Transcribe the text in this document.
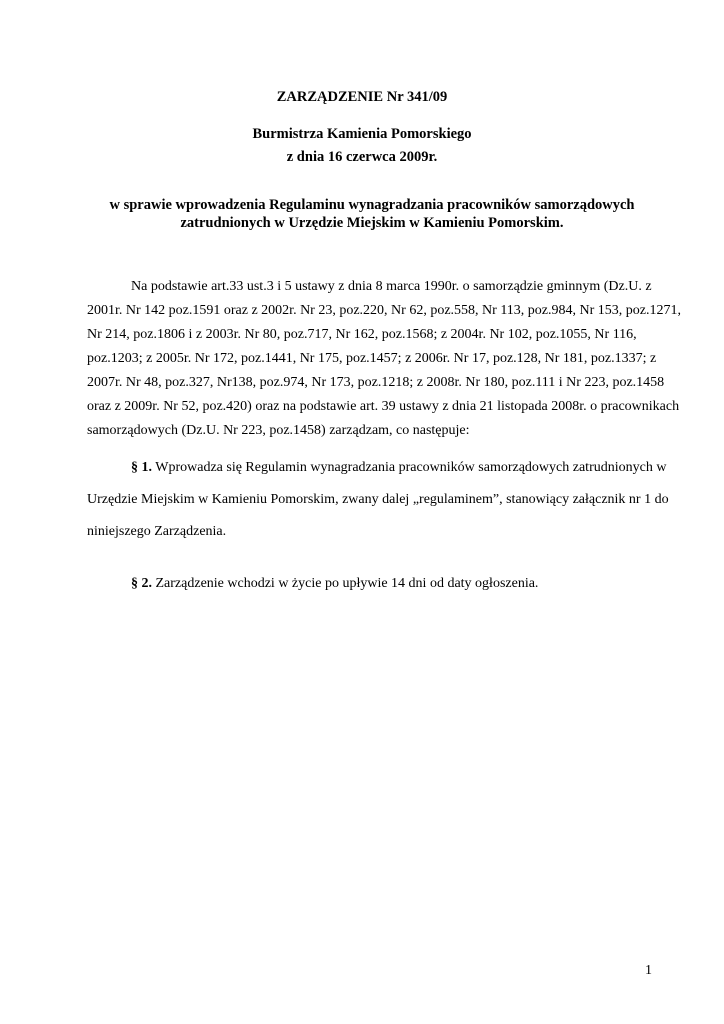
ZARZĄDZENIE Nr 341/09

Burmistrza Kamienia Pomorskiego

z dnia 16 czerwca 2009r.

w sprawie wprowadzenia Regulaminu wynagradzania pracowników samorządowych
zatrudnionych w Urzędzie Miejskim w Kamieniu Pomorskim.

Na podstawie art.33 ust.3 i 5 ustawy z dnia 8 marca 1990r. o samorządzie gminnym (Dz.U. z

2001r. Nr 142 poz.1591 oraz z 2002r. Nr 23, poz.220, Nr 62, poz.558, Nr 113, poz.984, Nr 153, poz.1271,

Nr 214, poz.1806 i z 2003r. Nr 80, poz.717, Nr 162, poz.1568; z 2004r. Nr 102, poz.1055, Nr 116,

poz.1203; z 2005r. Nr 172, poz.1441, Nr 175, poz.1457; z 2006r. Nr 17, poz.128, Nr 181, poz.1337; z

2007r. Nr 48, poz.327, Nr138, poz.974, Nr 173, poz.1218; z 2008r. Nr 180, poz.111 i Nr 223, poz.1458

oraz z 2009r. Nr 52, poz.420) oraz na podstawie art. 39 ustawy z dnia 21 listopada 2008r. o pracownikach

samorządowych (Dz.U. Nr 223, poz.1458) zarządzam, co następuje:

§ 1. Wprowadza się Regulamin wynagradzania pracowników samorządowych zatrudnionych w

Urzędzie Miejskim w Kamieniu Pomorskim, zwany dalej „regulaminem”, stanowiący załącznik nr 1 do

niniejszego Zarządzenia.

§ 2. Zarządzenie wchodzi w życie po upływie 14 dni od daty ogłoszenia.

1
